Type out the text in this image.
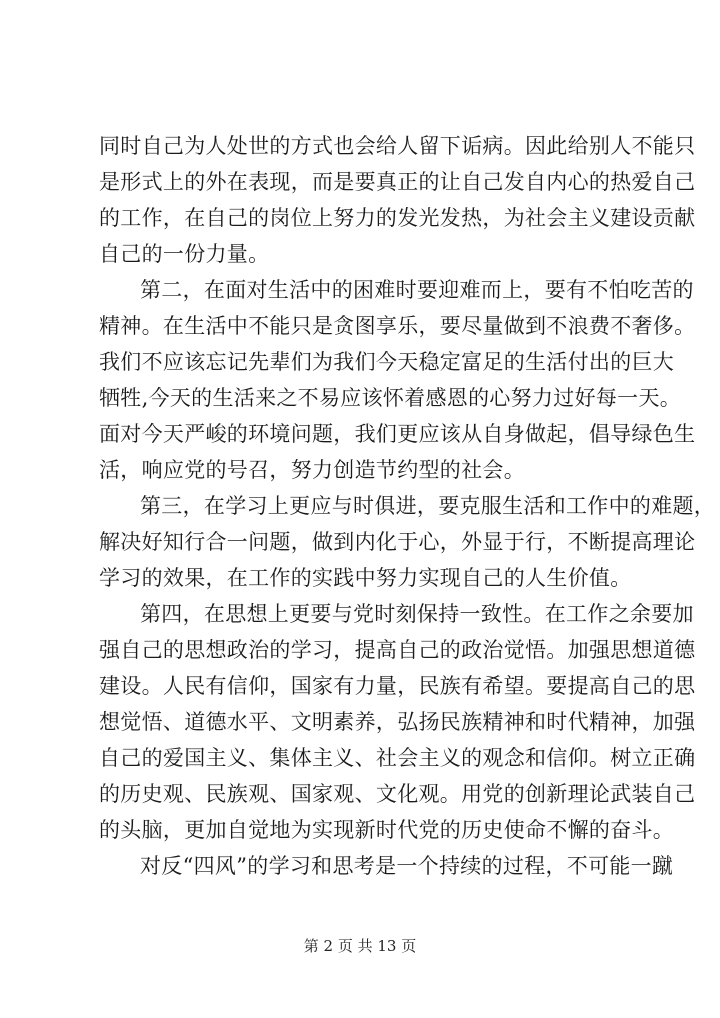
同时自己为人处世的方式也会给人留下诟病。因此给别人不能只
是形式上的外在表现，而是要真正的让自己发自内心的热爱自己
的工作，在自己的岗位上努力的发光发热，为社会主义建设贡献
自己的一份力量。
第二，在面对生活中的困难时要迎难而上，要有不怕吃苦的
精神。在生活中不能只是贪图享乐，要尽量做到不浪费不奢侈。
我们不应该忘记先辈们为我们今天稳定富足的生活付出的巨大
牺牲,今天的生活来之不易应该怀着感恩的心努力过好每一天。
面对今天严峻的环境问题，我们更应该从自身做起，倡导绿色生
活，响应党的号召，努力创造节约型的社会。
第三，在学习上更应与时俱进，要克服生活和工作中的难题，
解决好知行合一问题，做到内化于心，外显于行，不断提高理论
学习的效果，在工作的实践中努力实现自己的人生价值。
第四，在思想上更要与党时刻保持一致性。在工作之余要加
强自己的思想政治的学习，提高自己的政治觉悟。加强思想道德
建设。人民有信仰，国家有力量，民族有希望。要提高自己的思
想觉悟、道德水平、文明素养，弘扬民族精神和时代精神，加强
自己的爱国主义、集体主义、社会主义的观念和信仰。树立正确
的历史观、民族观、国家观、文化观。用党的创新理论武装自己
的头脑，更加自觉地为实现新时代党的历史使命不懈的奋斗。
对反“四风”的学习和思考是一个持续的过程，不可能一蹴
第 2 页 共 13 页
